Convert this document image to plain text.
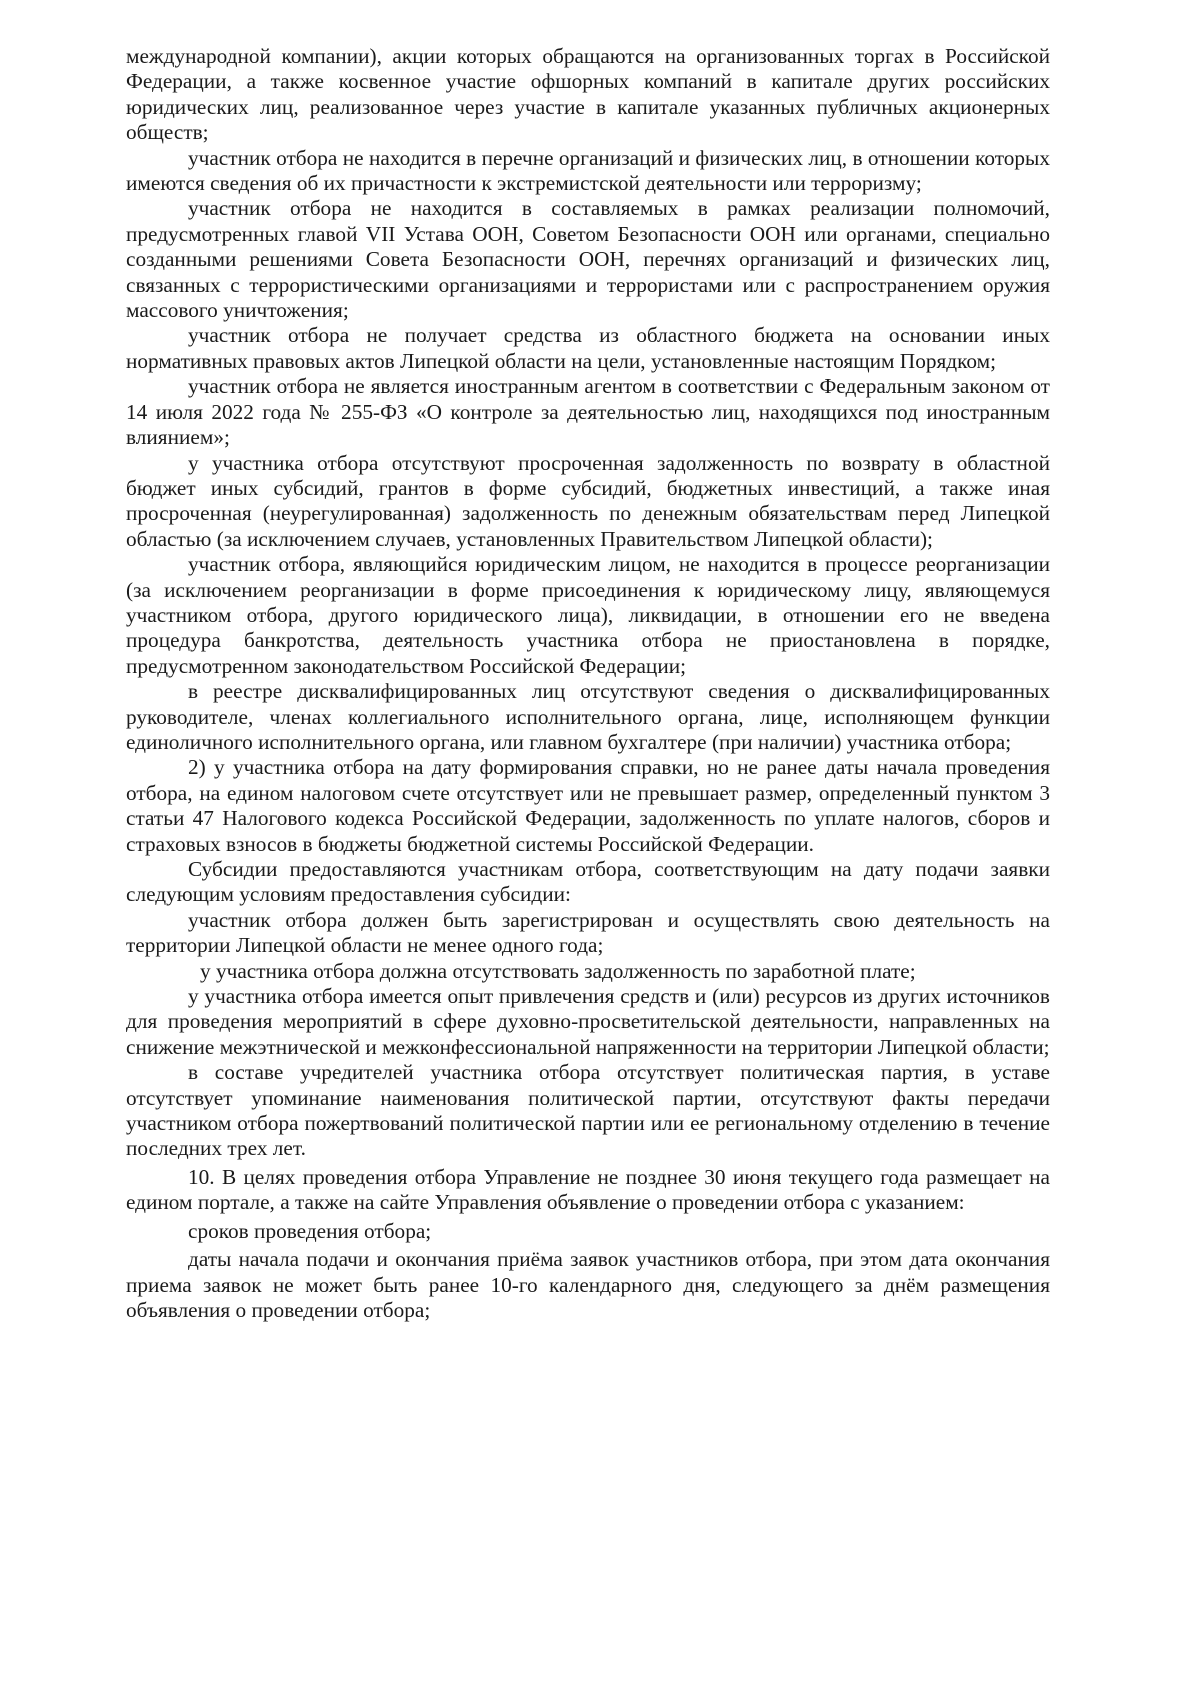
международной компании), акции которых обращаются на организованных торгах в Российской Федерации, а также косвенное участие офшорных компаний в капитале других российских юридических лиц, реализованное через участие в капитале указанных публичных акционерных обществ;

участник отбора не находится в перечне организаций и физических лиц, в отношении которых имеются сведения об их причастности к экстремистской деятельности или терроризму;

участник отбора не находится в составляемых в рамках реализации полномочий, предусмотренных главой VII Устава ООН, Советом Безопасности ООН или органами, специально созданными решениями Совета Безопасности ООН, перечнях организаций и физических лиц, связанных с террористическими организациями и террористами или с распространением оружия массового уничтожения;

участник отбора не получает средства из областного бюджета на основании иных нормативных правовых актов Липецкой области на цели, установленные настоящим Порядком;

участник отбора не является иностранным агентом в соответствии с Федеральным законом от 14 июля 2022 года № 255-ФЗ «О контроле за деятельностью лиц, находящихся под иностранным влиянием»;

у участника отбора отсутствуют просроченная задолженность по возврату в областной бюджет иных субсидий, грантов в форме субсидий, бюджетных инвестиций, а также иная просроченная (неурегулированная) задолженность по денежным обязательствам перед Липецкой областью (за исключением случаев, установленных Правительством Липецкой области);

участник отбора, являющийся юридическим лицом, не находится в процессе реорганизации (за исключением реорганизации в форме присоединения к юридическому лицу, являющемуся участником отбора, другого юридического лица), ликвидации, в отношении его не введена процедура банкротства, деятельность участника отбора не приостановлена в порядке, предусмотренном законодательством Российской Федерации;

в реестре дисквалифицированных лиц отсутствуют сведения о дисквалифицированных руководителе, членах коллегиального исполнительного органа, лице, исполняющем функции единоличного исполнительного органа, или главном бухгалтере (при наличии) участника отбора;

2) у участника отбора на дату формирования справки, но не ранее даты начала проведения отбора, на едином налоговом счете отсутствует или не превышает размер, определенный пунктом 3 статьи 47 Налогового кодекса Российской Федерации, задолженность по уплате налогов, сборов и страховых взносов в бюджеты бюджетной системы Российской Федерации.

Субсидии предоставляются участникам отбора, соответствующим на дату подачи заявки следующим условиям предоставления субсидии:

участник отбора должен быть зарегистрирован и осуществлять свою деятельность на территории Липецкой области не менее одного года;

у участника отбора должна отсутствовать задолженность по заработной плате;

у участника отбора имеется опыт привлечения средств и (или) ресурсов из других источников для проведения мероприятий в сфере духовно-просветительской деятельности, направленных на снижение межэтнической и межконфессиональной напряженности на территории Липецкой области;

в составе учредителей участника отбора отсутствует политическая партия, в уставе отсутствует упоминание наименования политической партии, отсутствуют факты передачи участником отбора пожертвований политической партии или ее региональному отделению в течение последних трех лет.

10. В целях проведения отбора Управление не позднее 30 июня текущего года размещает на едином портале, а также на сайте Управления объявление о проведении отбора с указанием:

сроков проведения отбора;

даты начала подачи и окончания приёма заявок участников отбора, при этом дата окончания приема заявок не может быть ранее 10-го календарного дня, следующего за днём размещения объявления о проведении отбора;
